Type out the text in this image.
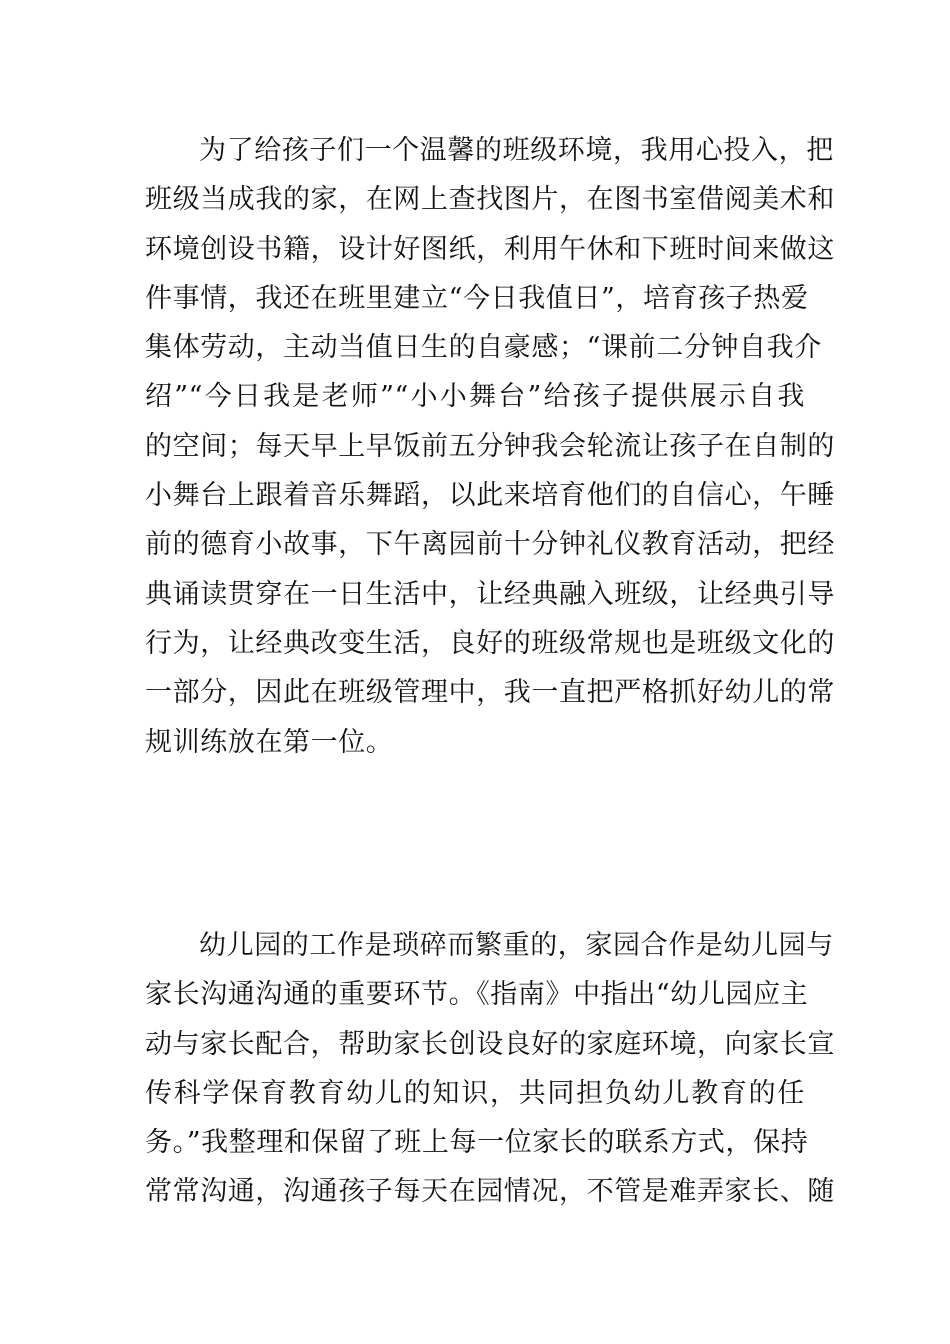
为了给孩子们一个温馨的班级环境，我用心投入，把
班级当成我的家，在网上查找图片，在图书室借阅美术和
环境创设书籍，设计好图纸，利用午休和下班时间来做这
件事情，我还在班里建立“今日我值日”，培育孩子热爱
集体劳动，主动当值日生的自豪感；“课前二分钟自我介
绍”“今日我是老师”“小小舞台”给孩子提供展示自我
的空间；每天早上早饭前五分钟我会轮流让孩子在自制的
小舞台上跟着音乐舞蹈，以此来培育他们的自信心，午睡
前的德育小故事，下午离园前十分钟礼仪教育活动，把经
典诵读贯穿在一日生活中，让经典融入班级，让经典引导
行为，让经典改变生活，良好的班级常规也是班级文化的
一部分，因此在班级管理中，我一直把严格抓好幼儿的常
规训练放在第一位。
幼儿园的工作是琐碎而繁重的，家园合作是幼儿园与
家长沟通沟通的重要环节。《指南》中指出“幼儿园应主
动与家长配合，帮助家长创设良好的家庭环境，向家长宣
传科学保育教育幼儿的知识，共同担负幼儿教育的任
务。”我整理和保留了班上每一位家长的联系方式，保持
常常沟通，沟通孩子每天在园情况，不管是难弄家长、随
